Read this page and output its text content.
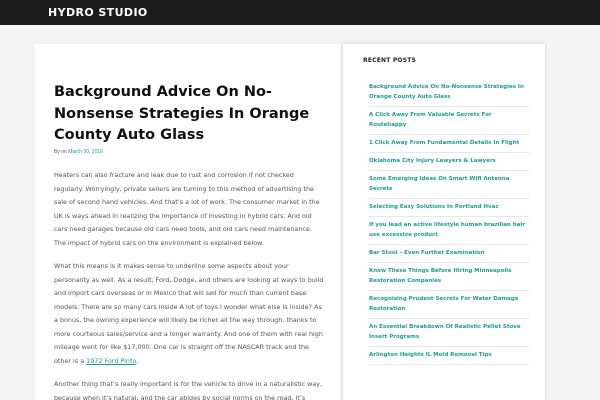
HYDRO STUDIO
Background Advice On No-Nonsense Strategies In Orange County Auto Glass
By on March 20, 2016

Heaters can also fracture and leak due to rust and corrosion if not checked regularly. Worryingly, private sellers are turning to this method of advertising the sale of second hand vehicles. And that’s a lot of work. The consumer market in the UK is ways ahead in realizing the importance of investing in hybrid cars. And old cars need garages because old cars need tools, and old cars need maintenance. The impact of hybrid cars on the environment is explained below.

What this means is it makes sense to underline some aspects about your personality as well. As a result, Ford, Dodge, and others are looking at ways to build and import cars overseas or in Mexico that will sell for much than current base models. There are so many cars inside A lot of toys I wonder what else is inside? As a bonus, the owning experience will likely be richer all the way through, thanks to more courteous sales/service and a longer warranty. And one of them with real high mileage went for like $17,000. One car is straight off the NASCAR track and the other is a 1972 Ford Pinto.

Another thing that’s really important is for the vehicle to drive in a naturalistic way, because when it’s natural, and the car abides by social norms on the road, it’s

RECENT POSTS
Background Advice On No-Nonsense Strategies In Orange County Auto Glass
A Click Away From Valuable Secrets For Routehappy
1 Click Away From Fundamental Details In Flight
Oklahoma City Injury Lawyers & Lawyers
Some Emerging Ideas On Smart Wifi Antenna Secrets
Selecting Easy Solutions In Portland Hvac
If you lead an active lifestyle human brazilian hair use excessive product
Bar Stool – Even Further Examination
Know These Things Before Hiring Minneapolis Restoration Companies
Recognising Prudent Secrets For Water Damage Restoration
An Essential Breakdown Of Realistic Pellet Stove Insert Programs
Arlington Heights IL Mold Removal Tips
